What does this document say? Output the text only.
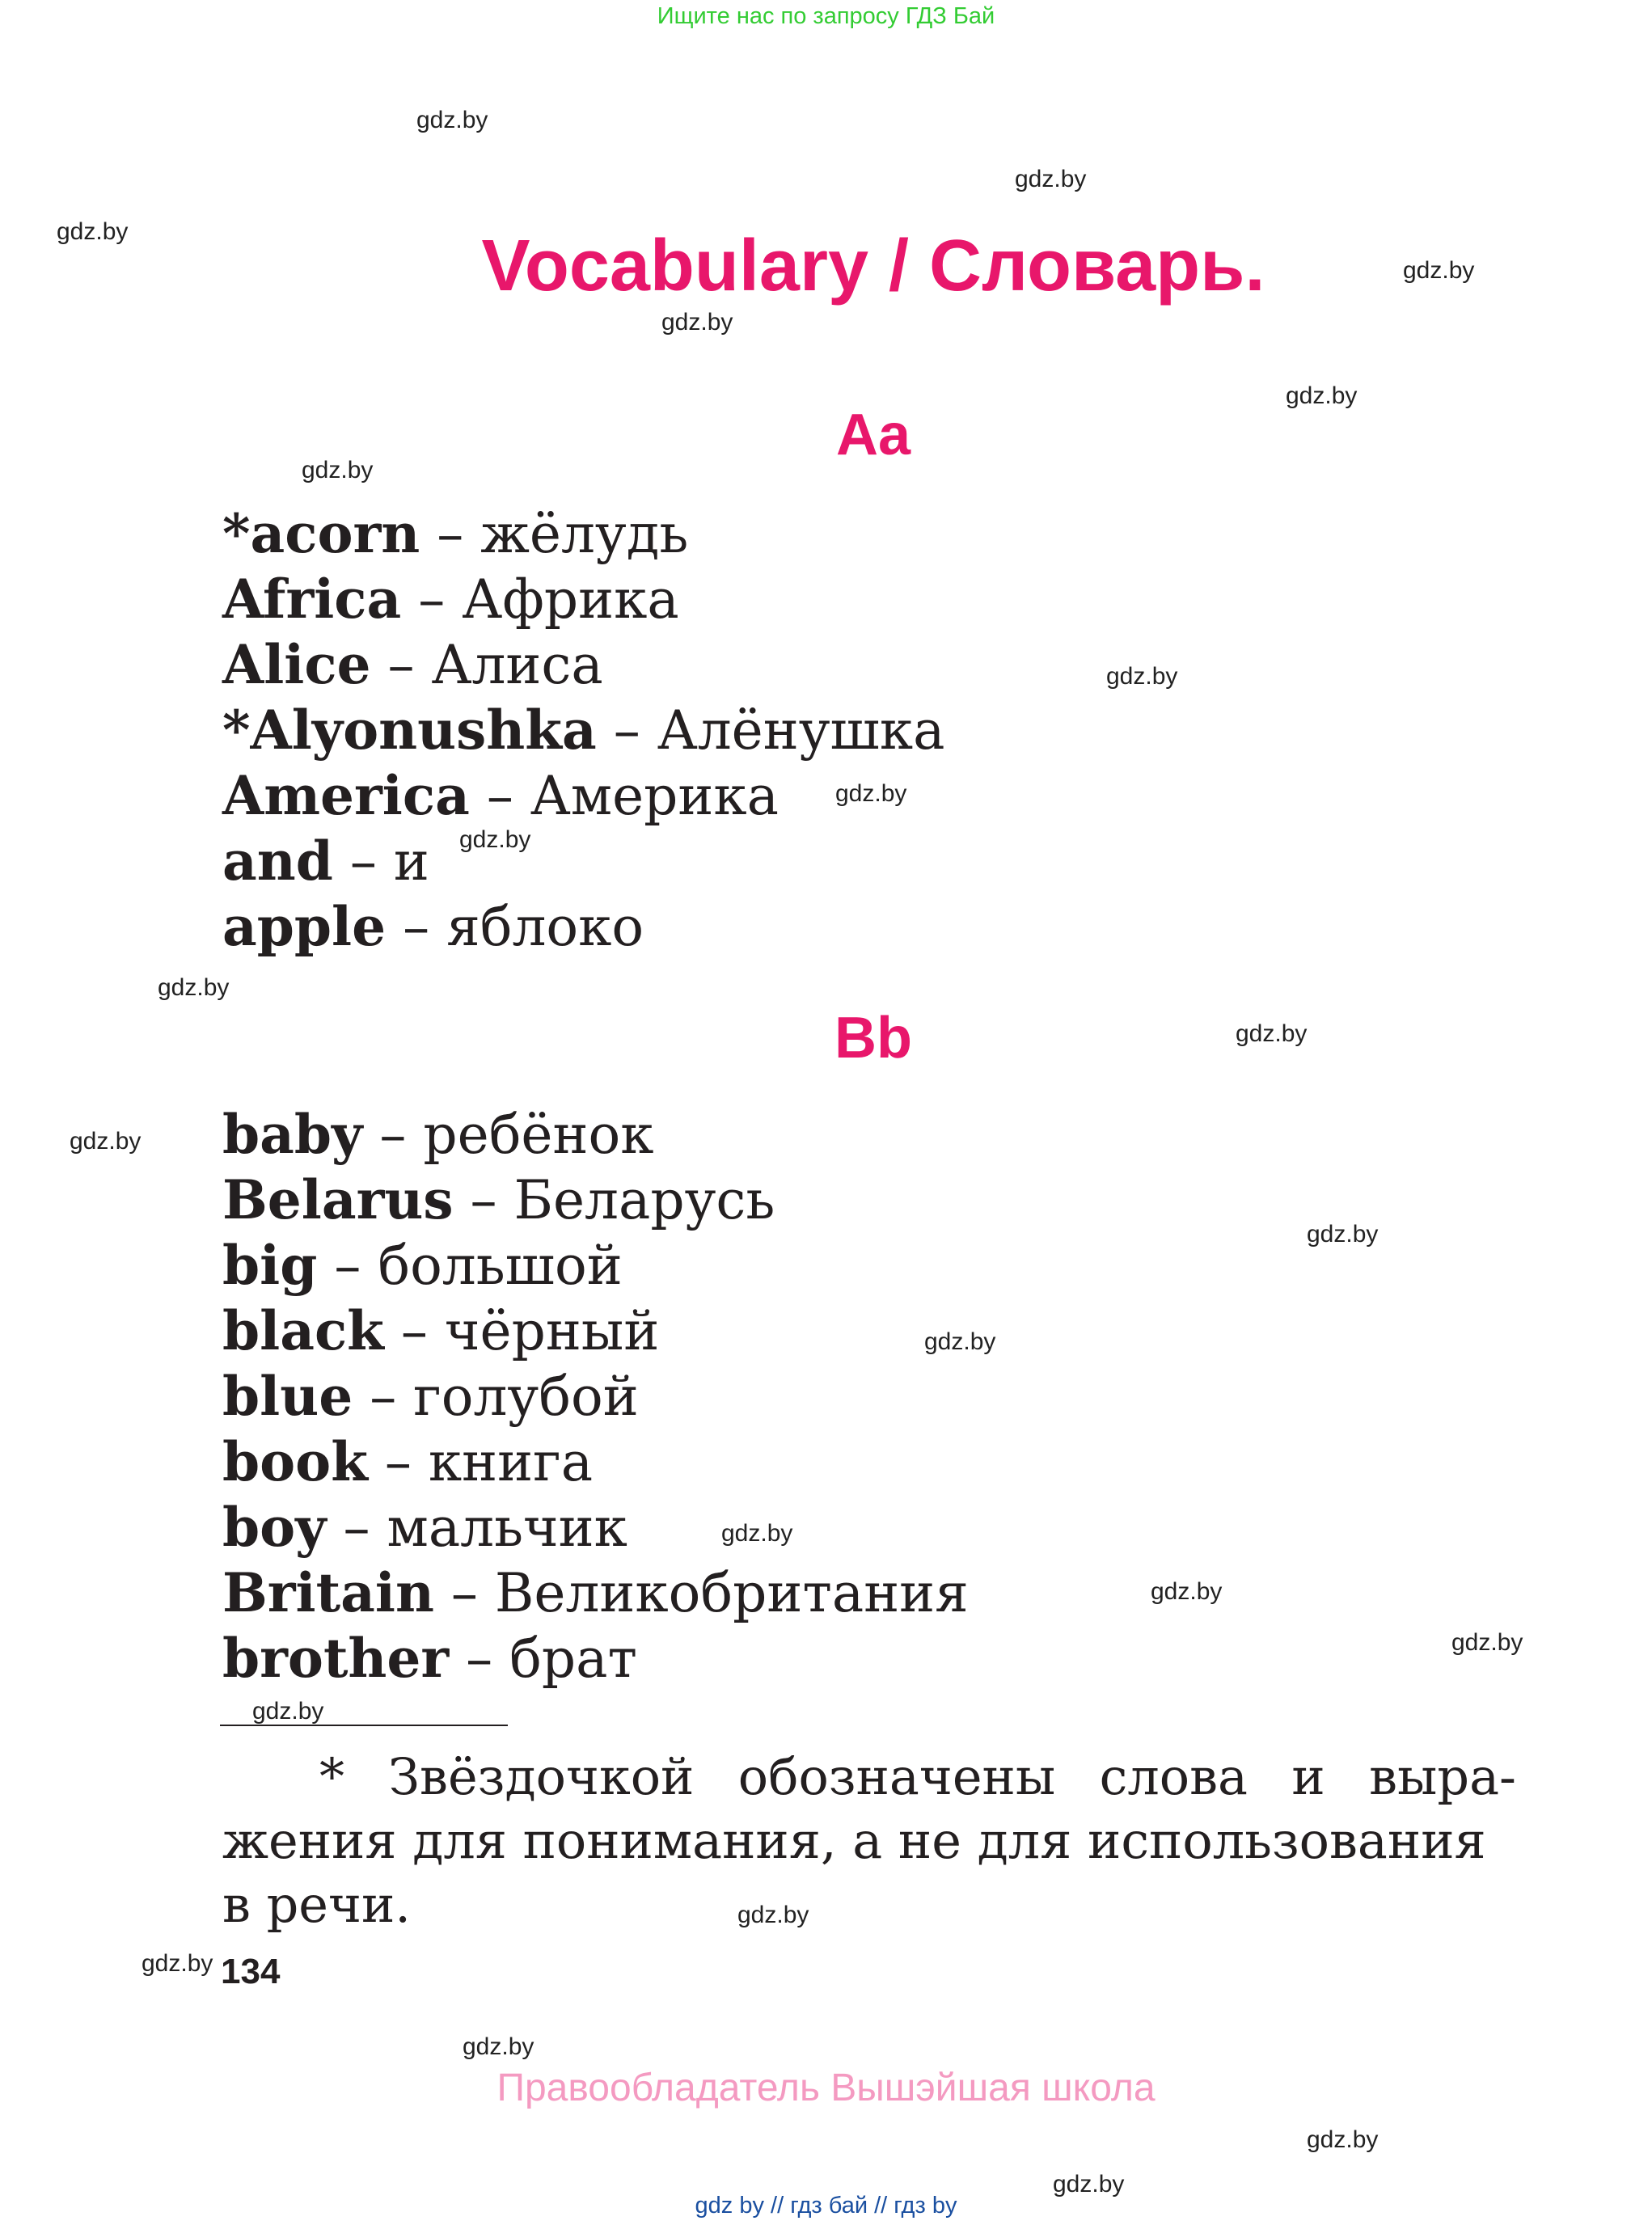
Ищите нас по запросу ГДЗ Бай
gdz.by
gdz.by
gdz.by
gdz.by
gdz.by
gdz.by
gdz.by
gdz.by
gdz.by
gdz.by
gdz.by
gdz.by
gdz.by
gdz.by
gdz.by
gdz.by
gdz.by
gdz.by
gdz.by
gdz.by
gdz.by
gdz.by
gdz.by
gdz.by
Vocabulary / Словарь.
Aa
*acorn – жёлудь
Africa – Африка
Alice – Алиса
*Alyonushka – Алёнушка
America – Америка
and – и
apple – яблоко
Bb
baby – ребёнок
Belarus – Беларусь
big – большой
black – чёрный
blue – голубой
book – книга
boy – мальчик
Britain – Великобритания
brother – брат
* Звёздочкой обозначены слова и выра-
жения для понимания, а не для использования
в речи.
134
Правообладатель Вышэйшая школа
gdz by // гдз бай // гдз by
